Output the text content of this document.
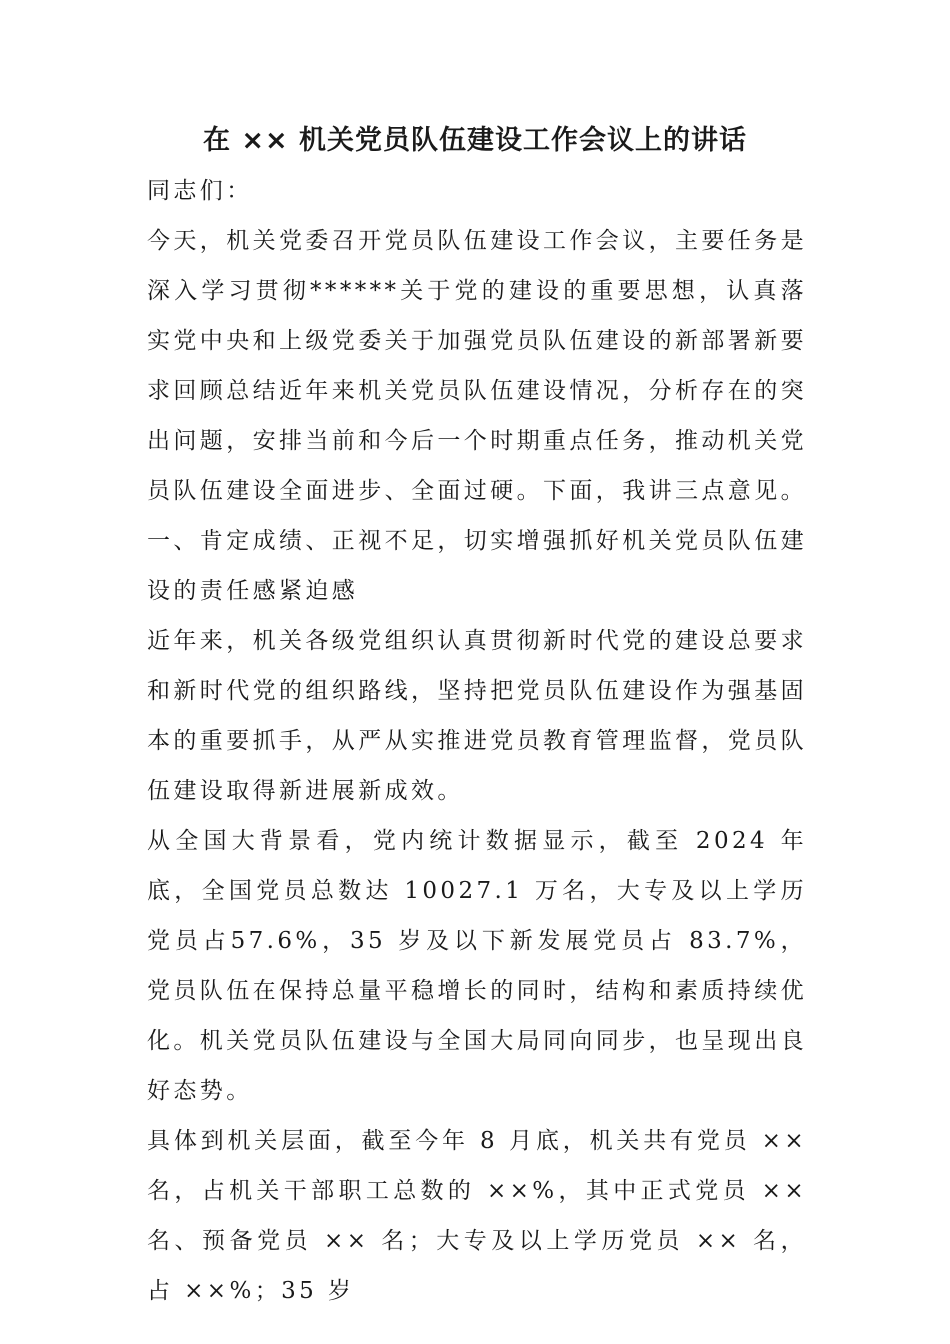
在 ×× 机关党员队伍建设工作会议上的讲话

同志们：

今天，机关党委召开党员队伍建设工作会议，主要任务是深入学习贯彻******关于党的建设的重要思想，认真落实党中央和上级党委关于加强党员队伍建设的新部署新要求回顾总结近年来机关党员队伍建设情况，分析存在的突出问题，安排当前和今后一个时期重点任务，推动机关党员队伍建设全面进步、全面过硬。下面，我讲三点意见。

一、肯定成绩、正视不足，切实增强抓好机关党员队伍建设的责任感紧迫感

近年来，机关各级党组织认真贯彻新时代党的建设总要求和新时代党的组织路线，坚持把党员队伍建设作为强基固本的重要抓手，从严从实推进党员教育管理监督，党员队伍建设取得新进展新成效。

从全国大背景看，党内统计数据显示，截至 2024 年底，全国党员总数达 10027.1 万名，大专及以上学历党员占57.6%，35 岁及以下新发展党员占 83.7%，党员队伍在保持总量平稳增长的同时，结构和素质持续优化。机关党员队伍建设与全国大局同向同步，也呈现出良好态势。

具体到机关层面，截至今年 8 月底，机关共有党员 ×× 名，占机关干部职工总数的 ××%，其中正式党员 ×× 名、预备党员 ×× 名；大专及以上学历党员 ×× 名，占 ××%；35 岁
